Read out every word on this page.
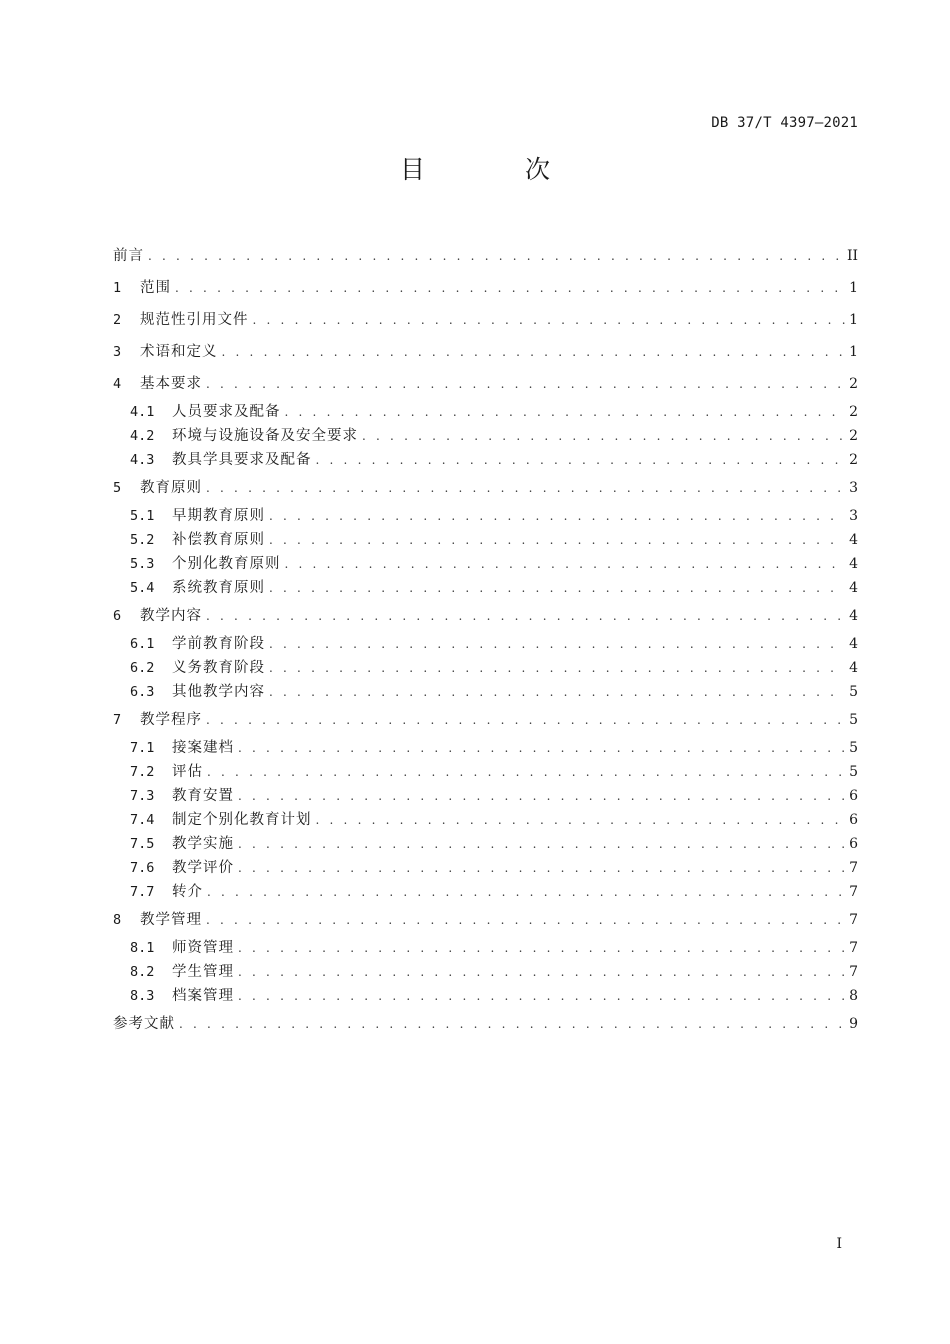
DB 37/T 4397—2021
目 次
前言 . . .	II
1	范围 . . .	1
2	规范性引用文件 . . .	1
3	术语和定义 . . .	1
4	基本要求 . . .	2
4.1	人员要求及配备 . . .	2
4.2	环境与设施设备及安全要求 . . .	2
4.3	教具学具要求及配备 . . .	2
5	教育原则 . . .	3
5.1	早期教育原则 . . .	3
5.2	补偿教育原则 . . .	4
5.3	个别化教育原则 . . .	4
5.4	系统教育原则 . . .	4
6	教学内容 . . .	4
6.1	学前教育阶段 . . .	4
6.2	义务教育阶段 . . .	4
6.3	其他教学内容 . . .	5
7	教学程序 . . .	5
7.1	接案建档 . . .	5
7.2	评估 . . .	5
7.3	教育安置 . . .	6
7.4	制定个别化教育计划 . . .	6
7.5	教学实施 . . .	6
7.6	教学评价 . . .	7
7.7	转介 . . .	7
8	教学管理 . . .	7
8.1	师资管理 . . .	7
8.2	学生管理 . . .	7
8.3	档案管理 . . .	8
参考文献 . . .	9
I
